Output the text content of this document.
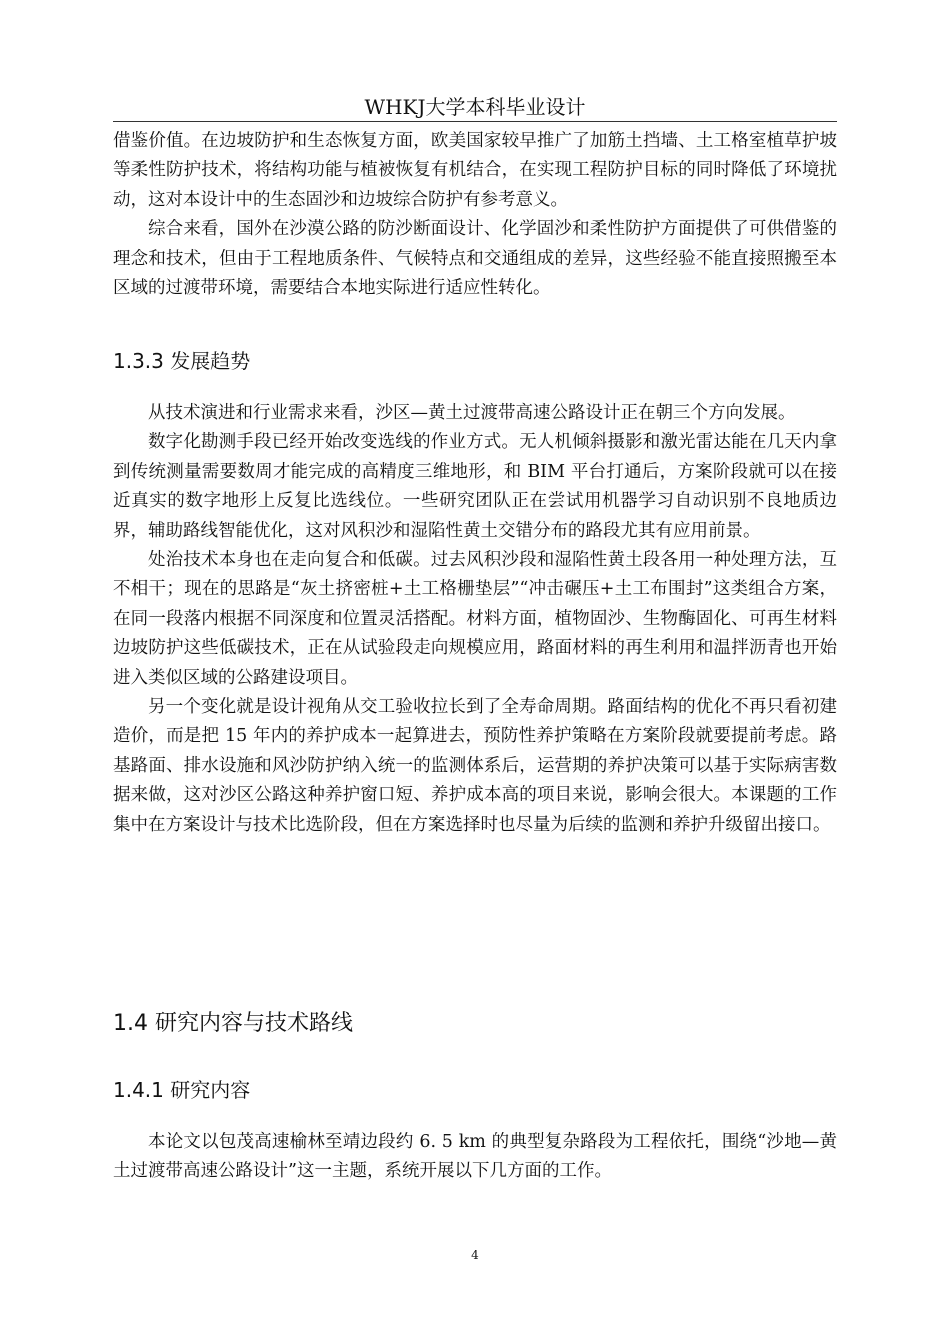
WHKJ大学本科毕业设计

借鉴价值。在边坡防护和生态恢复方面，欧美国家较早推广了加筋土挡墙、土工格室植草护坡等柔性防护技术，将结构功能与植被恢复有机结合，在实现工程防护目标的同时降低了环境扰动，这对本设计中的生态固沙和边坡综合防护有参考意义。

综合来看，国外在沙漠公路的防沙断面设计、化学固沙和柔性防护方面提供了可供借鉴的理念和技术，但由于工程地质条件、气候特点和交通组成的差异，这些经验不能直接照搬至本区域的过渡带环境，需要结合本地实际进行适应性转化。

1.3.3 发展趋势

从技术演进和行业需求来看，沙区—黄土过渡带高速公路设计正在朝三个方向发展。

数字化勘测手段已经开始改变选线的作业方式。无人机倾斜摄影和激光雷达能在几天内拿到传统测量需要数周才能完成的高精度三维地形，和 BIM 平台打通后，方案阶段就可以在接近真实的数字地形上反复比选线位。一些研究团队正在尝试用机器学习自动识别不良地质边界，辅助路线智能优化，这对风积沙和湿陷性黄土交错分布的路段尤其有应用前景。

处治技术本身也在走向复合和低碳。过去风积沙段和湿陷性黄土段各用一种处理方法，互不相干；现在的思路是“灰土挤密桩+土工格栅垫层”“冲击碾压+土工布围封”这类组合方案，在同一段落内根据不同深度和位置灵活搭配。材料方面，植物固沙、生物酶固化、可再生材料边坡防护这些低碳技术，正在从试验段走向规模应用，路面材料的再生利用和温拌沥青也开始进入类似区域的公路建设项目。

另一个变化就是设计视角从交工验收拉长到了全寿命周期。路面结构的优化不再只看初建造价，而是把 15 年内的养护成本一起算进去，预防性养护策略在方案阶段就要提前考虑。路基路面、排水设施和风沙防护纳入统一的监测体系后，运营期的养护决策可以基于实际病害数据来做，这对沙区公路这种养护窗口短、养护成本高的项目来说，影响会很大。本课题的工作集中在方案设计与技术比选阶段，但在方案选择时也尽量为后续的监测和养护升级留出接口。

1.4 研究内容与技术路线
1.4.1 研究内容

本论文以包茂高速榆林至靖边段约 6. 5 km 的典型复杂路段为工程依托，围绕“沙地—黄土过渡带高速公路设计”这一主题，系统开展以下几方面的工作。

4
